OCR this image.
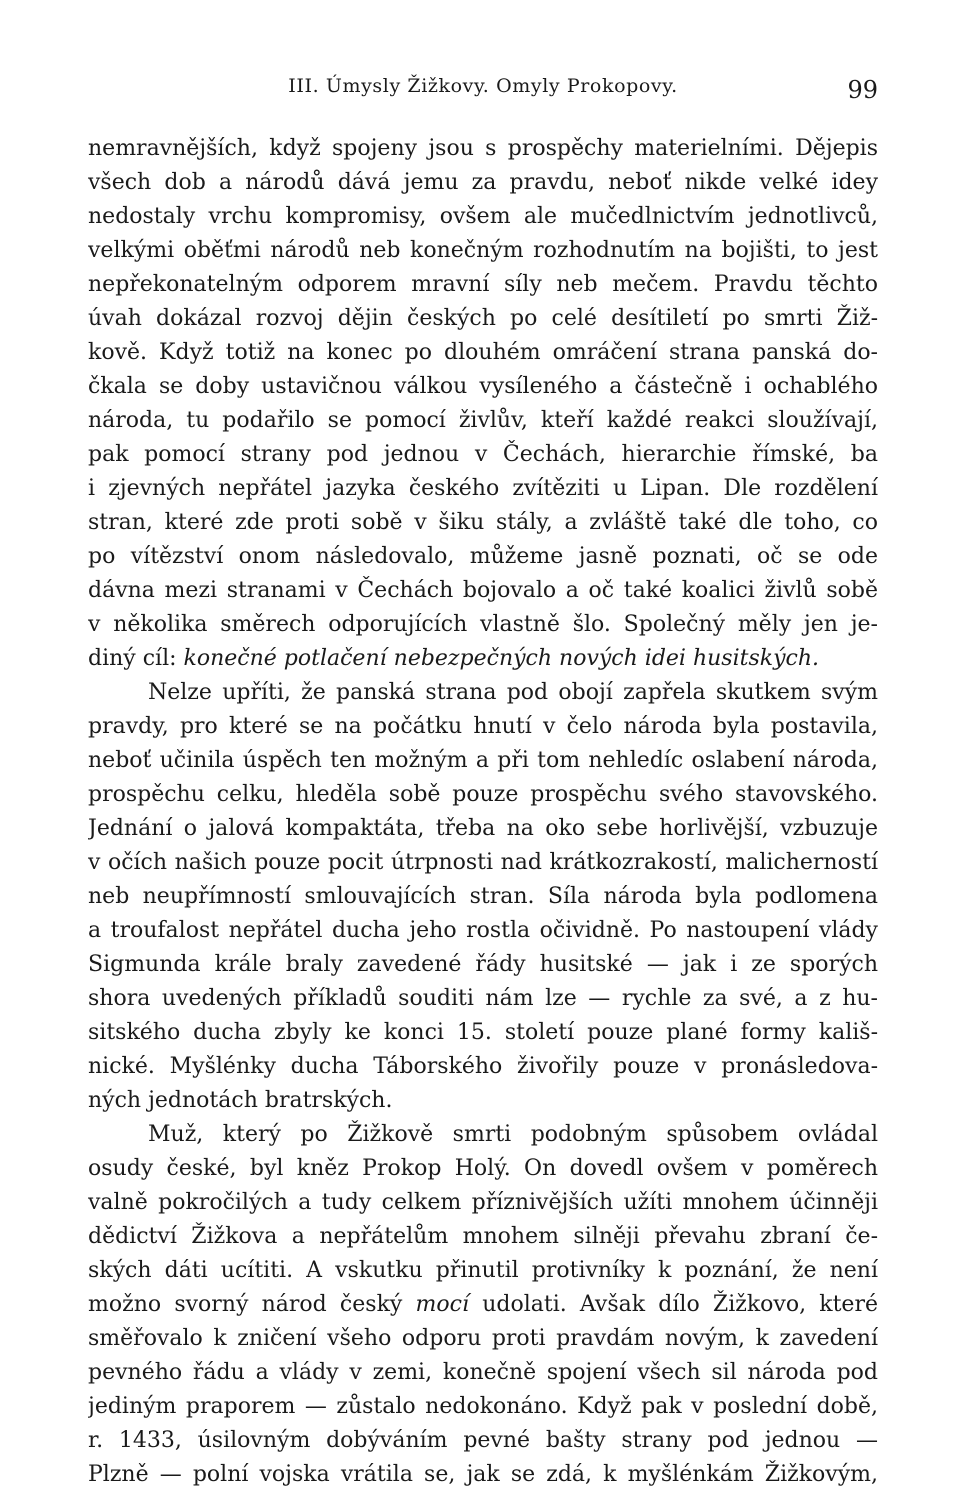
III. Úmysly Žižkovy. Omyly Prokopovy.	99
nemravnějších, když spojeny jsou s prospěchy materielními. Dějepis
všech dob a národů dává jemu za pravdu, neboť nikde velké idey
nedostaly vrchu kompromisy, ovšem ale mučedlnictvím jednotlivců,
velkými oběťmi národů neb konečným rozhodnutím na bojišti, to jest
nepřekonatelným odporem mravní síly neb mečem. Pravdu těchto
úvah dokázal rozvoj dějin českých po celé desítiletí po smrti Žiž-
kově. Když totiž na konec po dlouhém omráčení strana panská do-
čkala se doby ustavičnou válkou vysíleného a částečně i ochablého
národa, tu podařilo se pomocí živlův, kteří každé reakci sloužívají,
pak pomocí strany pod jednou v Čechách, hierarchie římské, ba
i zjevných nepřátel jazyka českého zvítěziti u Lipan. Dle rozdělení
stran, které zde proti sobě v šiku stály, a zvláště také dle toho, co
po vítězství onom následovalo, můžeme jasně poznati, oč se ode
dávna mezi stranami v Čechách bojovalo a oč také koalici živlů sobě
v několika směrech odporujících vlastně šlo. Společný měly jen je-
diný cíl: konečné potlačení nebezpečných nových idei husitských.
Nelze upříti, že panská strana pod obojí zapřela skutkem svým
pravdy, pro které se na počátku hnutí v čelo národa byla postavila,
neboť učinila úspěch ten možným a při tom nehledíc oslabení národa,
prospěchu celku, hleděla sobě pouze prospěchu svého stavovského.
Jednání o jalová kompaktáta, třeba na oko sebe horlivější, vzbuzuje
v očích našich pouze pocit útrpnosti nad krátkozrakostí, malicherností
neb neupřímností smlouvajících stran. Síla národa byla podlomena
a troufalost nepřátel ducha jeho rostla očividně. Po nastoupení vlády
Sigmunda krále braly zavedené řády husitské — jak i ze sporých
shora uvedených příkladů souditi nám lze — rychle za své, a z hu-
sitského ducha zbyly ke konci 15. století pouze plané formy kališ-
nické. Myšlénky ducha Táborského živořily pouze v pronásledova-
ných jednotách bratrských.
Muž, který po Žižkově smrti podobným spůsobem ovládal
osudy české, byl kněz Prokop Holý. On dovedl ovšem v poměrech
valně pokročilých a tudy celkem příznivějších užíti mnohem účinněji
dědictví Žižkova a nepřátelům mnohem silněji převahu zbraní če-
ských dáti ucítiti. A vskutku přinutil protivníky k poznání, že není
možno svorný národ český mocí udolati. Avšak dílo Žižkovo, které
směřovalo k zničení všeho odporu proti pravdám novým, k zavedení
pevného řádu a vlády v zemi, konečně spojení všech sil národa pod
jediným praporem — zůstalo nedokonáno. Když pak v poslední době,
r. 1433, úsilovným dobýváním pevné bašty strany pod jednou —
Plzně — polní vojska vrátila se, jak se zdá, k myšlénkám Žižkovým,
